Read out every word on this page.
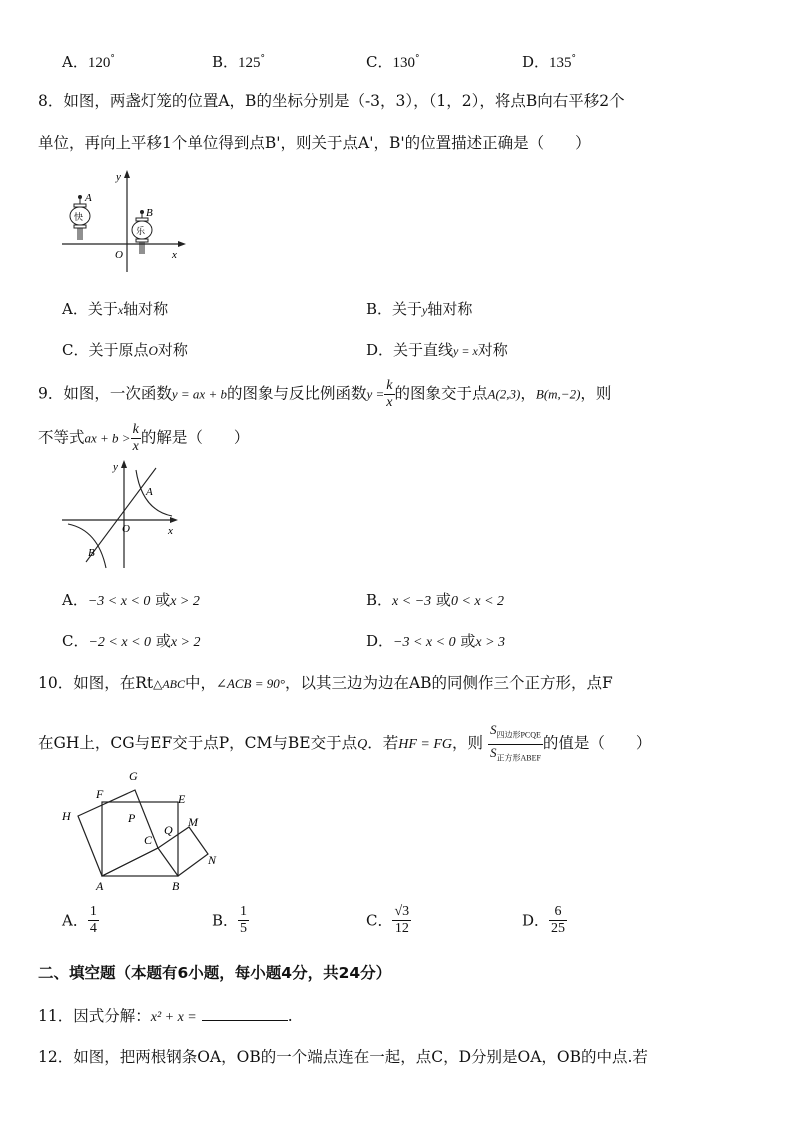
A．120°	B．125°	C．130°	D．135°
8．如图，两盏灯笼的位置A，B的坐标分别是（-3，3），（1，2），将点B向右平移2个
单位，再向上平移1个单位得到点B'，则关于点A'，B'的位置描述正确是（　　）
y
x
O
快
A
乐
B
A．关于x轴对称	B．关于y轴对称
C．关于原点O对称	D．关于直线y = x对称
9．如图，一次函数y = ax + b的图象与反比例函数$y = \frac{k}{x}$ 的图象交于点A(2,3)，B(m,−2)，则
不等式ax + $b > \frac{k}{x}$ 的解是（　　）
y
x
O
A
B
A．−3 < x < 0 或x > 2	B．x < −3 或0 < x < 2
C．−2 < x < 0 或x > 2	D．−3 < x < 0 或x > 3
10．如图，在Rt△ABC中，∠ACB = 90°，以其三边为边在AB的同侧作三个正方形，点F
在GH上，CG与EF交于点P，CM与BE交于点Q．若HF = FG，则 $\frac{S_{四边形PCQE}}{S_{正方形ABEF}}$ 的值是（　　）
G
F	E
H	P	M
C
Q
N
A	B
A． $\frac{1}{4}$	B． $\frac{1}{5}$	C． $\frac{√3}{12}$	D． $\frac{6}{25}$
二、填空题（本题有6小题，每小题4分，共24分）
11．因式分解：x² + x =	.
12．如图，把两根钢条OA，OB的一个端点连在一起，点C，D分别是OA，OB的中点.若
